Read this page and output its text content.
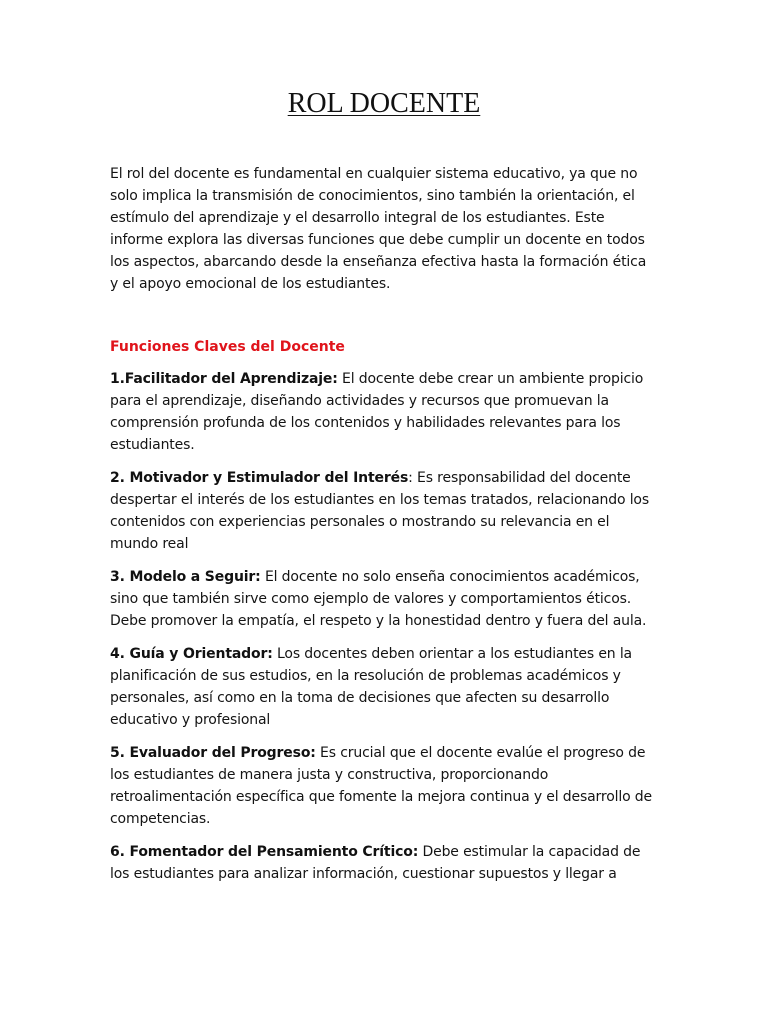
ROL DOCENTE

El rol del docente es fundamental en cualquier sistema educativo, ya que no solo implica la transmisión de conocimientos, sino también la orientación, el estímulo del aprendizaje y el desarrollo integral de los estudiantes. Este informe explora las diversas funciones que debe cumplir un docente en todos los aspectos, abarcando desde la enseñanza efectiva hasta la formación ética y el apoyo emocional de los estudiantes.

Funciones Claves del Docente

1.Facilitador del Aprendizaje: El docente debe crear un ambiente propicio para el aprendizaje, diseñando actividades y recursos que promuevan la comprensión profunda de los contenidos y habilidades relevantes para los estudiantes.

2. Motivador y Estimulador del Interés: Es responsabilidad del docente despertar el interés de los estudiantes en los temas tratados, relacionando los contenidos con experiencias personales o mostrando su relevancia en el mundo real

3. Modelo a Seguir: El docente no solo enseña conocimientos académicos, sino que también sirve como ejemplo de valores y comportamientos éticos. Debe promover la empatía, el respeto y la honestidad dentro y fuera del aula.

4. Guía y Orientador: Los docentes deben orientar a los estudiantes en la planificación de sus estudios, en la resolución de problemas académicos y personales, así como en la toma de decisiones que afecten su desarrollo educativo y profesional

5. Evaluador del Progreso: Es crucial que el docente evalúe el progreso de los estudiantes de manera justa y constructiva, proporcionando retroalimentación específica que fomente la mejora continua y el desarrollo de competencias.

6. Fomentador del Pensamiento Crítico: Debe estimular la capacidad de los estudiantes para analizar información, cuestionar supuestos y llegar a
